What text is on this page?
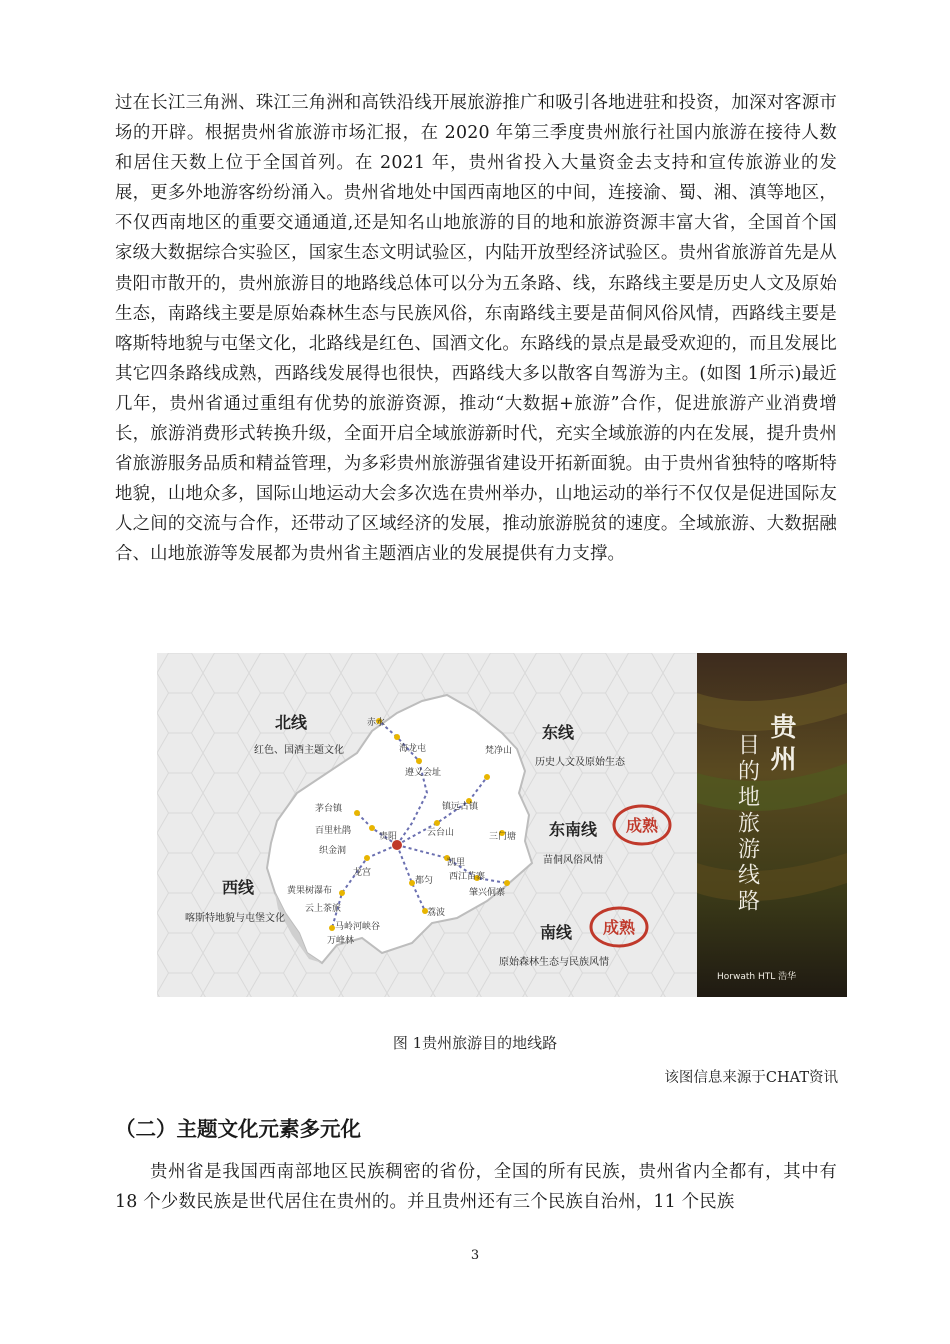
过在长江三角洲、珠江三角洲和高铁沿线开展旅游推广和吸引各地进驻和投资，加深对客源市场的开辟。根据贵州省旅游市场汇报，在 2020 年第三季度贵州旅行社国内旅游在接待人数和居住天数上位于全国首列。在 2021 年，贵州省投入大量资金去支持和宣传旅游业的发展，更多外地游客纷纷涌入。贵州省地处中国西南地区的中间，连接渝、蜀、湘、滇等地区，不仅西南地区的重要交通通道,还是知名山地旅游的目的地和旅游资源丰富大省，全国首个国家级大数据综合实验区，国家生态文明试验区，内陆开放型经济试验区。贵州省旅游首先是从贵阳市散开的，贵州旅游目的地路线总体可以分为五条路、线，东路线主要是历史人文及原始生态，南路线主要是原始森林生态与民族风俗，东南路线主要是苗侗风俗风情，西路线主要是喀斯特地貌与屯堡文化，北路线是红色、国酒文化。东路线的景点是最受欢迎的，而且发展比其它四条路线成熟，西路线发展得也很快，西路线大多以散客自驾游为主。(如图 1所示)最近几年，贵州省通过重组有优势的旅游资源，推动“大数据+旅游”合作，促进旅游产业消费增长，旅游消费形式转换升级，全面开启全域旅游新时代，充实全域旅游的内在发展，提升贵州省旅游服务品质和精益管理，为多彩贵州旅游强省建设开拓新面貌。由于贵州省独特的喀斯特地貌，山地众多，国际山地运动大会多次选在贵州举办，山地运动的举行不仅仅是促进国际友人之间的交流与合作，还带动了区域经济的发展，推动旅游脱贫的速度。全域旅游、大数据融合、山地旅游等发展都为贵州省主题酒店业的发展提供有力支撑。

赤水
海龙屯
遵义会址
梵净山
茅台镇
百里杜鹃
织金洞
贵阳
镇远古镇
云台山	三门塘
龙宫
黄果树瀑布
凯里
都匀 西江苗寨
肇兴侗寨
荔波
云上茶旅
马岭河峡谷
万峰林
北线
红色、国酒主题文化
东线
历史人文及原始生态
东南线
苗侗风俗风情
西线
喀斯特地貌与屯堡文化
南线
原始森林生态与民族风情
成熟
成熟
贵州
目的地旅游线路
Horwath HTL 浩华
图 1贵州旅游目的地线路
该图信息来源于CHAT资讯
（二）主题文化元素多元化

贵州省是我国西南部地区民族稠密的省份，全国的所有民族，贵州省内全都有，其中有 18 个少数民族是世代居住在贵州的。并且贵州还有三个民族自治州，11 个民族

3
